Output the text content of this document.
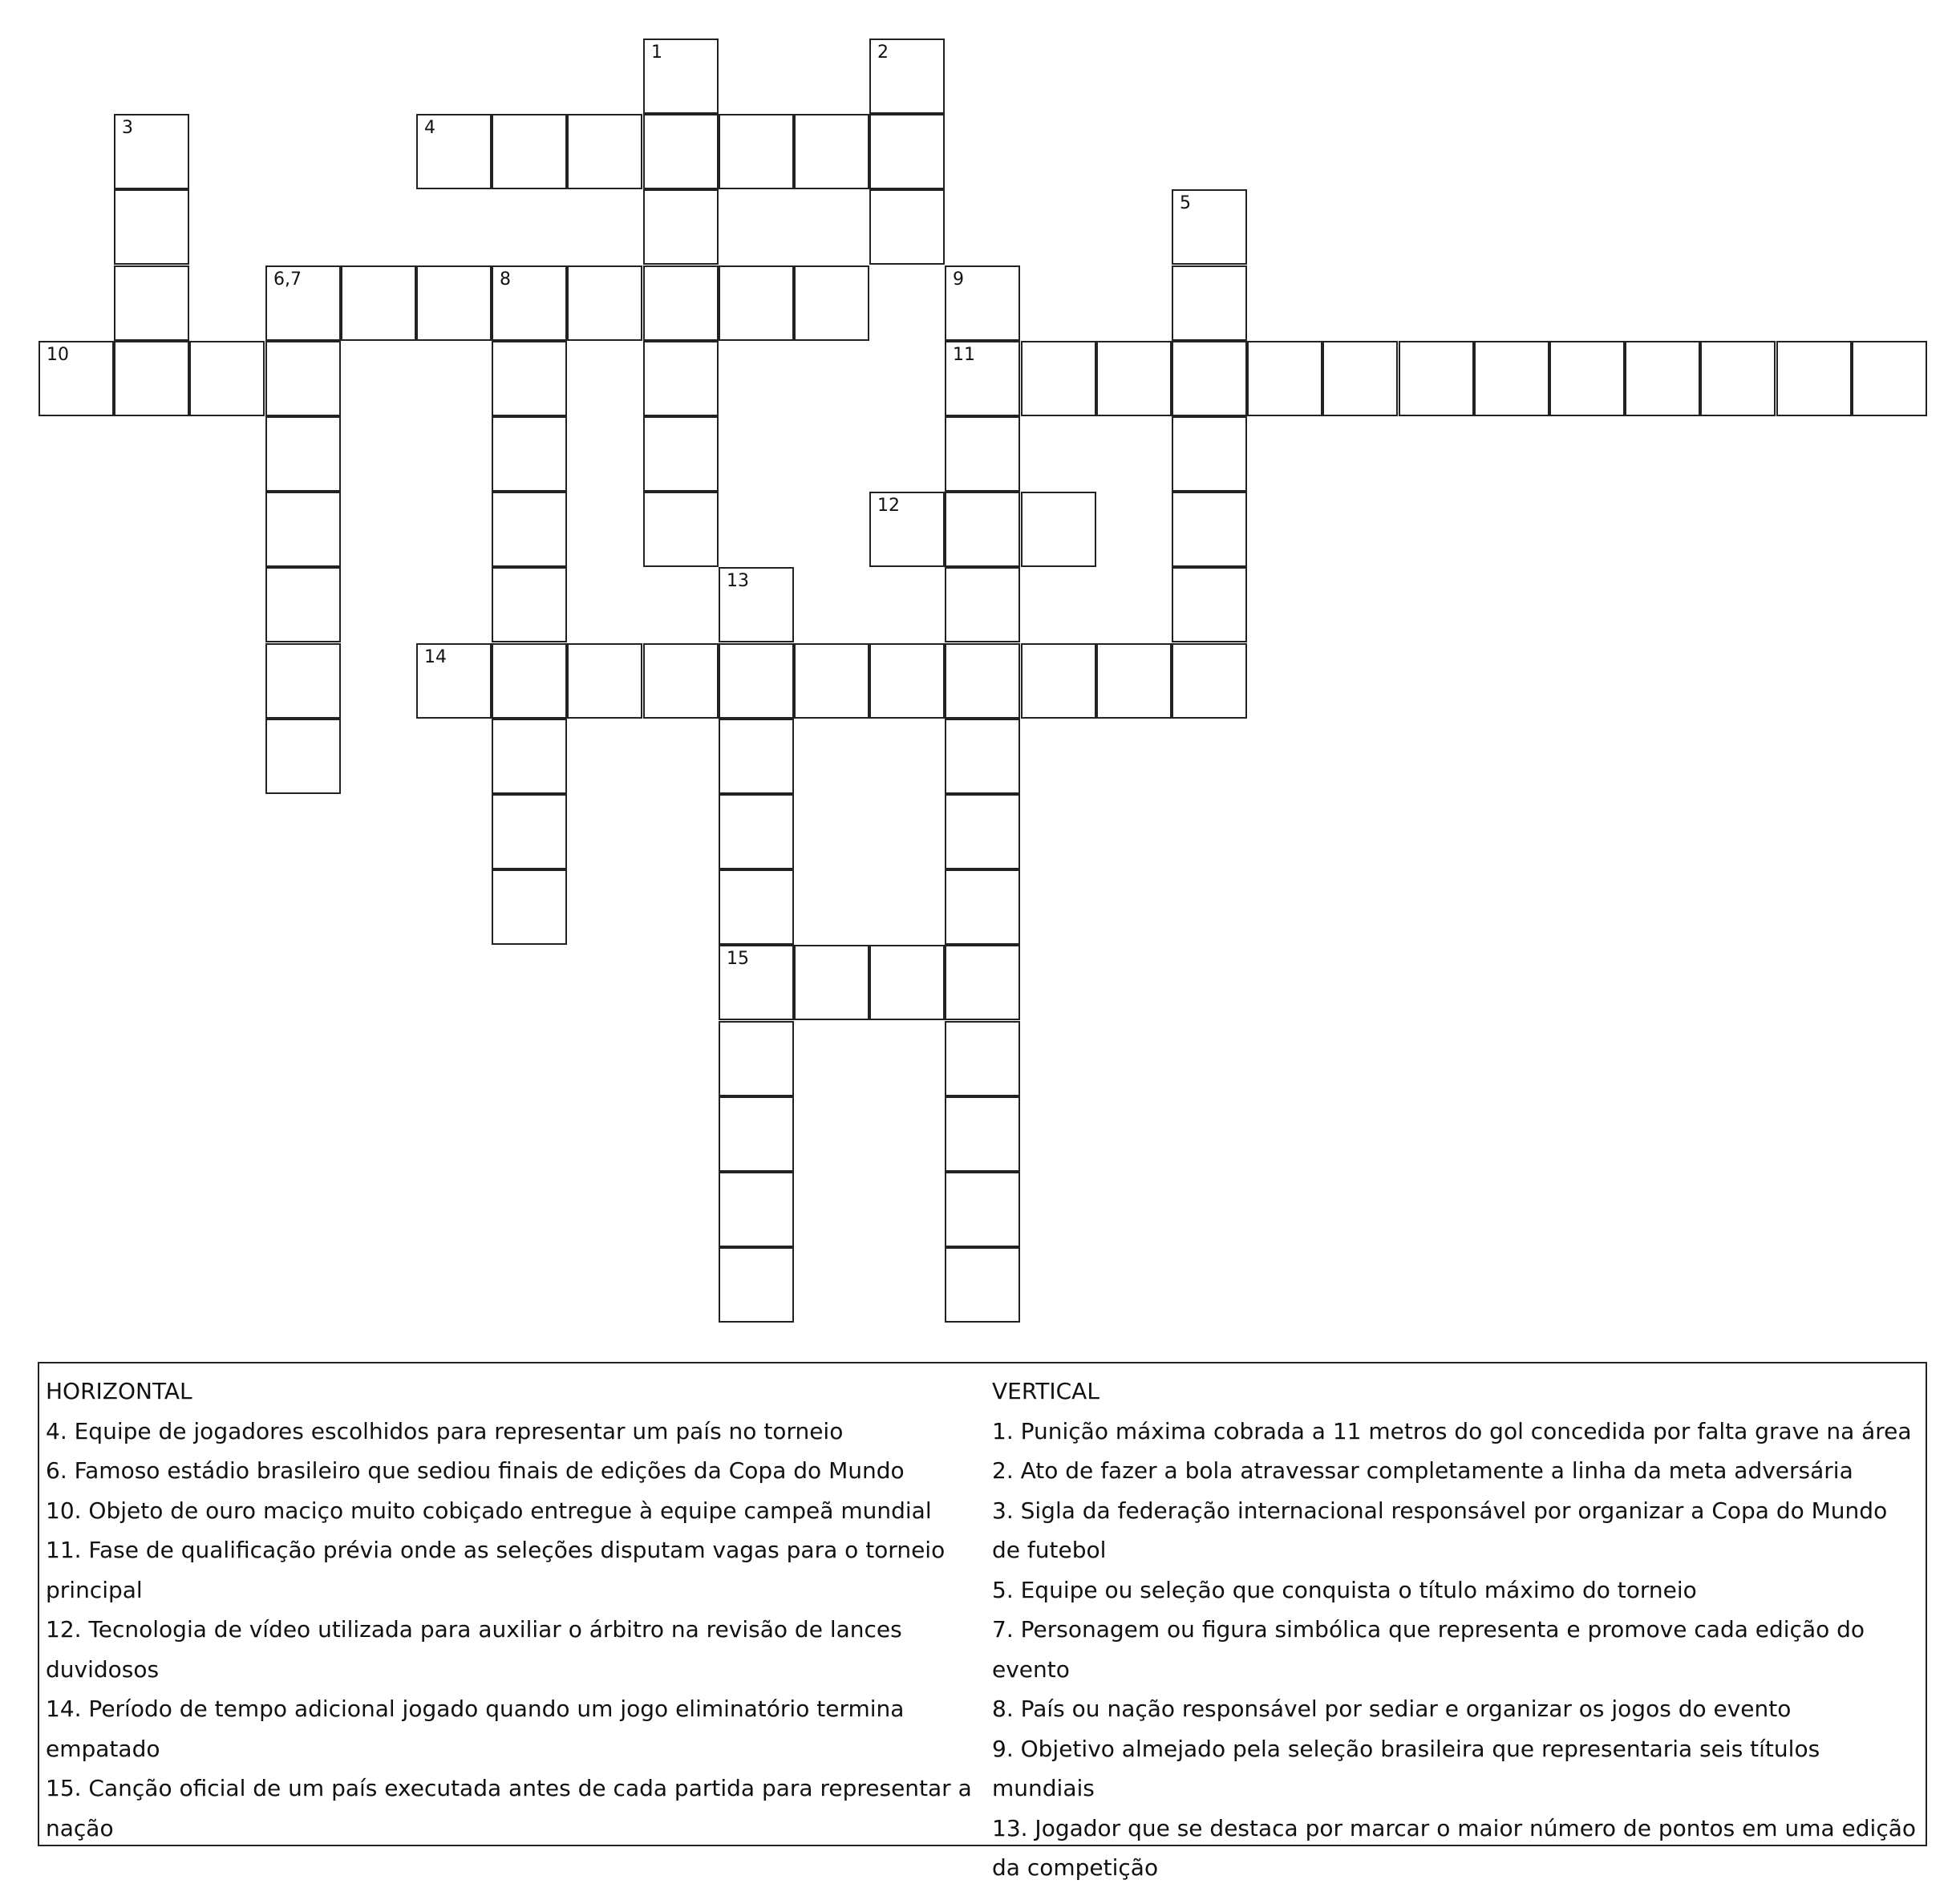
1	2
3	4
5
6,7	8	9
10	11
12
13
14
15
HORIZONTAL
4. Equipe de jogadores escolhidos para representar um país no torneio
6. Famoso estádio brasileiro que sediou finais de edições da Copa do Mundo
10. Objeto de ouro maciço muito cobiçado entregue à equipe campeã mundial
11. Fase de qualificação prévia onde as seleções disputam vagas para o torneio principal
12. Tecnologia de vídeo utilizada para auxiliar o árbitro na revisão de lances duvidosos
14. Período de tempo adicional jogado quando um jogo eliminatório termina empatado
15. Canção oficial de um país executada antes de cada partida para representar a nação
VERTICAL
1. Punição máxima cobrada a 11 metros do gol concedida por falta grave na área
2. Ato de fazer a bola atravessar completamente a linha da meta adversária
3. Sigla da federação internacional responsável por organizar a Copa do Mundo de futebol
5. Equipe ou seleção que conquista o título máximo do torneio
7. Personagem ou figura simbólica que representa e promove cada edição do evento
8. País ou nação responsável por sediar e organizar os jogos do evento
9. Objetivo almejado pela seleção brasileira que representaria seis títulos mundiais
13. Jogador que se destaca por marcar o maior número de pontos em uma edição da competição
